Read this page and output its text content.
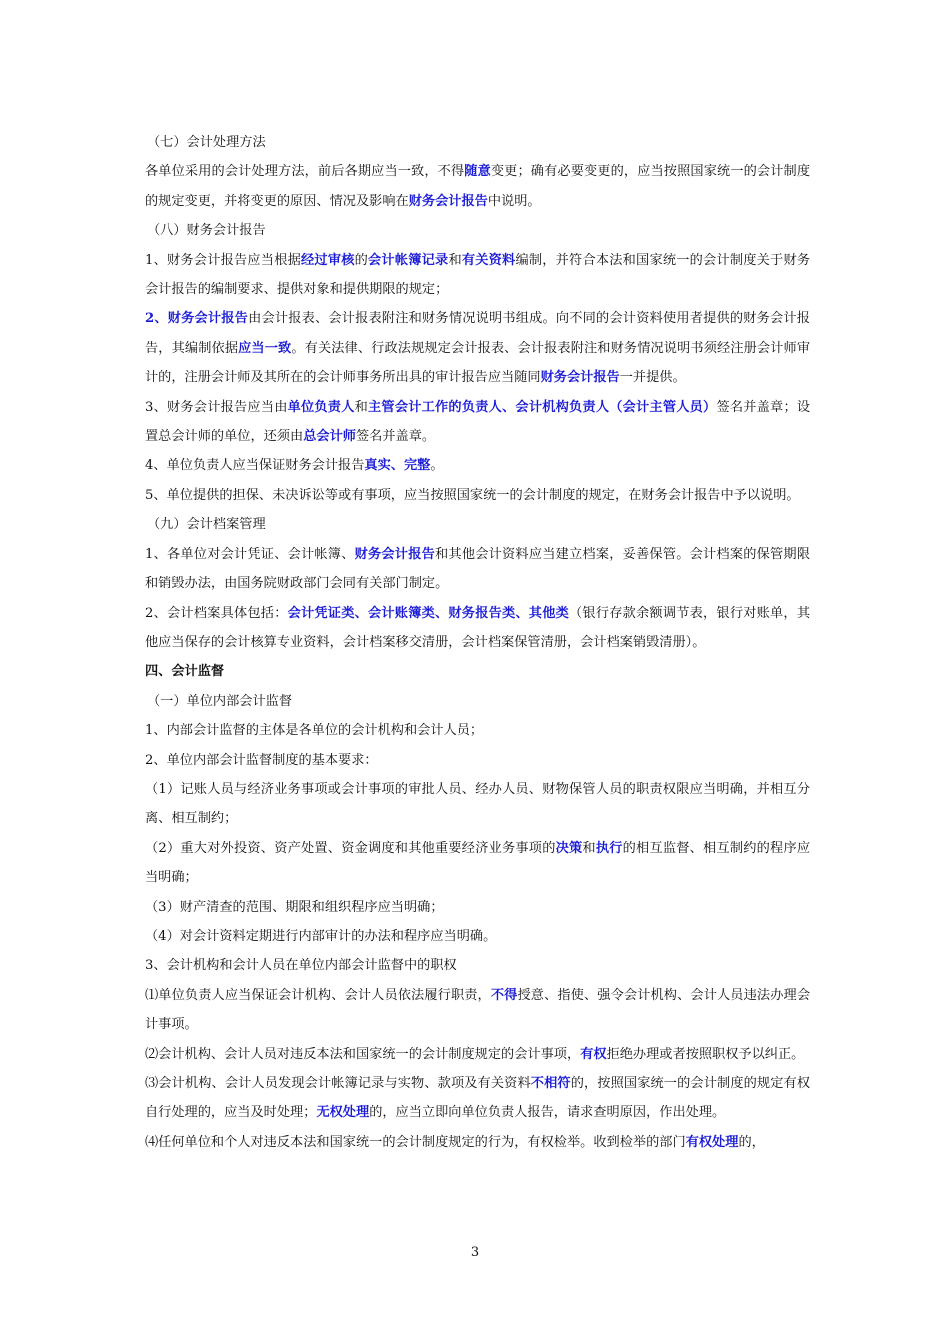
（七）会计处理方法

各单位采用的会计处理方法，前后各期应当一致，不得随意变更；确有必要变更的，应当按照国家统一的会计制度的规定变更，并将变更的原因、情况及影响在财务会计报告中说明。

（八）财务会计报告

1、财务会计报告应当根据经过审核的会计帐簿记录和有关资料编制，并符合本法和国家统一的会计制度关于财务会计报告的编制要求、提供对象和提供期限的规定；

2、财务会计报告由会计报表、会计报表附注和财务情况说明书组成。向不同的会计资料使用者提供的财务会计报告，其编制依据应当一致。有关法律、行政法规规定会计报表、会计报表附注和财务情况说明书须经注册会计师审计的，注册会计师及其所在的会计师事务所出具的审计报告应当随同财务会计报告一并提供。

3、财务会计报告应当由单位负责人和主管会计工作的负责人、会计机构负责人（会计主管人员）签名并盖章；设置总会计师的单位，还须由总会计师签名并盖章。

4、单位负责人应当保证财务会计报告真实、完整。

5、单位提供的担保、未决诉讼等或有事项，应当按照国家统一的会计制度的规定，在财务会计报告中予以说明。

（九）会计档案管理

1、各单位对会计凭证、会计帐簿、财务会计报告和其他会计资料应当建立档案，妥善保管。会计档案的保管期限和销毁办法，由国务院财政部门会同有关部门制定。

2、会计档案具体包括：会计凭证类、会计账簿类、财务报告类、其他类（银行存款余额调节表，银行对账单，其他应当保存的会计核算专业资料，会计档案移交清册，会计档案保管清册，会计档案销毁清册）。

四、会计监督

（一）单位内部会计监督

1、内部会计监督的主体是各单位的会计机构和会计人员；

2、单位内部会计监督制度的基本要求：

（1）记账人员与经济业务事项或会计事项的审批人员、经办人员、财物保管人员的职责权限应当明确，并相互分离、相互制约；

（2）重大对外投资、资产处置、资金调度和其他重要经济业务事项的决策和执行的相互监督、相互制约的程序应当明确；

（3）财产清查的范围、期限和组织程序应当明确；

（4）对会计资料定期进行内部审计的办法和程序应当明确。

3、会计机构和会计人员在单位内部会计监督中的职权

⑴单位负责人应当保证会计机构、会计人员依法履行职责，不得授意、指使、强令会计机构、会计人员违法办理会计事项。

⑵会计机构、会计人员对违反本法和国家统一的会计制度规定的会计事项，有权拒绝办理或者按照职权予以纠正。

⑶会计机构、会计人员发现会计帐簿记录与实物、款项及有关资料不相符的，按照国家统一的会计制度的规定有权自行处理的，应当及时处理；无权处理的，应当立即向单位负责人报告，请求查明原因，作出处理。

⑷任何单位和个人对违反本法和国家统一的会计制度规定的行为，有权检举。收到检举的部门有权处理的，

3
